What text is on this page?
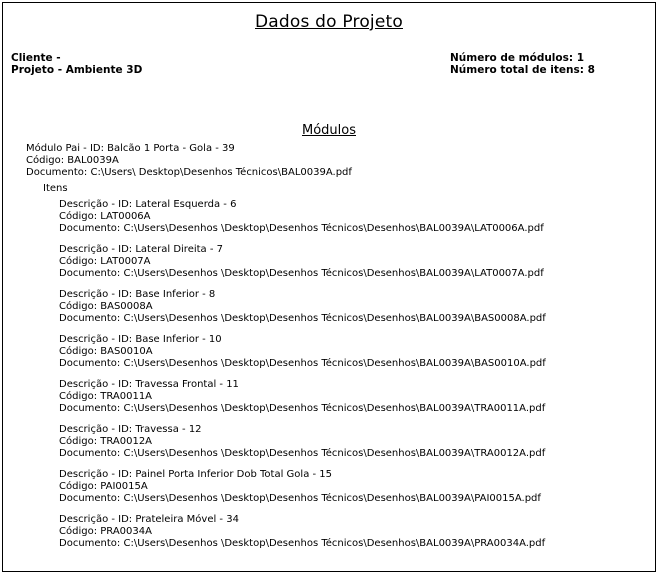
Dados do Projeto
Cliente -
Projeto - Ambiente 3D
Número de módulos: 1
Número total de itens: 8
Módulos
Módulo Pai - ID: Balcão 1 Porta - Gola - 39
Código: BAL0039A
Documento: C:\Users\ Desktop\Desenhos Técnicos\BAL0039A.pdf
Itens
Descrição - ID: Lateral Esquerda - 6
Código: LAT0006A
Documento: C:\Users\Desenhos \Desktop\Desenhos Técnicos\Desenhos\BAL0039A\LAT0006A.pdf
Descrição - ID: Lateral Direita - 7
Código: LAT0007A
Documento: C:\Users\Desenhos \Desktop\Desenhos Técnicos\Desenhos\BAL0039A\LAT0007A.pdf
Descrição - ID: Base Inferior - 8
Código: BAS0008A
Documento: C:\Users\Desenhos \Desktop\Desenhos Técnicos\Desenhos\BAL0039A\BAS0008A.pdf
Descrição - ID: Base Inferior - 10
Código: BAS0010A
Documento: C:\Users\Desenhos \Desktop\Desenhos Técnicos\Desenhos\BAL0039A\BAS0010A.pdf
Descrição - ID: Travessa Frontal - 11
Código: TRA0011A
Documento: C:\Users\Desenhos \Desktop\Desenhos Técnicos\Desenhos\BAL0039A\TRA0011A.pdf
Descrição - ID: Travessa - 12
Código: TRA0012A
Documento: C:\Users\Desenhos \Desktop\Desenhos Técnicos\Desenhos\BAL0039A\TRA0012A.pdf
Descrição - ID: Painel Porta Inferior Dob Total Gola - 15
Código: PAI0015A
Documento: C:\Users\Desenhos \Desktop\Desenhos Técnicos\Desenhos\BAL0039A\PAI0015A.pdf
Descrição - ID: Prateleira Móvel - 34
Código: PRA0034A
Documento: C:\Users\Desenhos \Desktop\Desenhos Técnicos\Desenhos\BAL0039A\PRA0034A.pdf
